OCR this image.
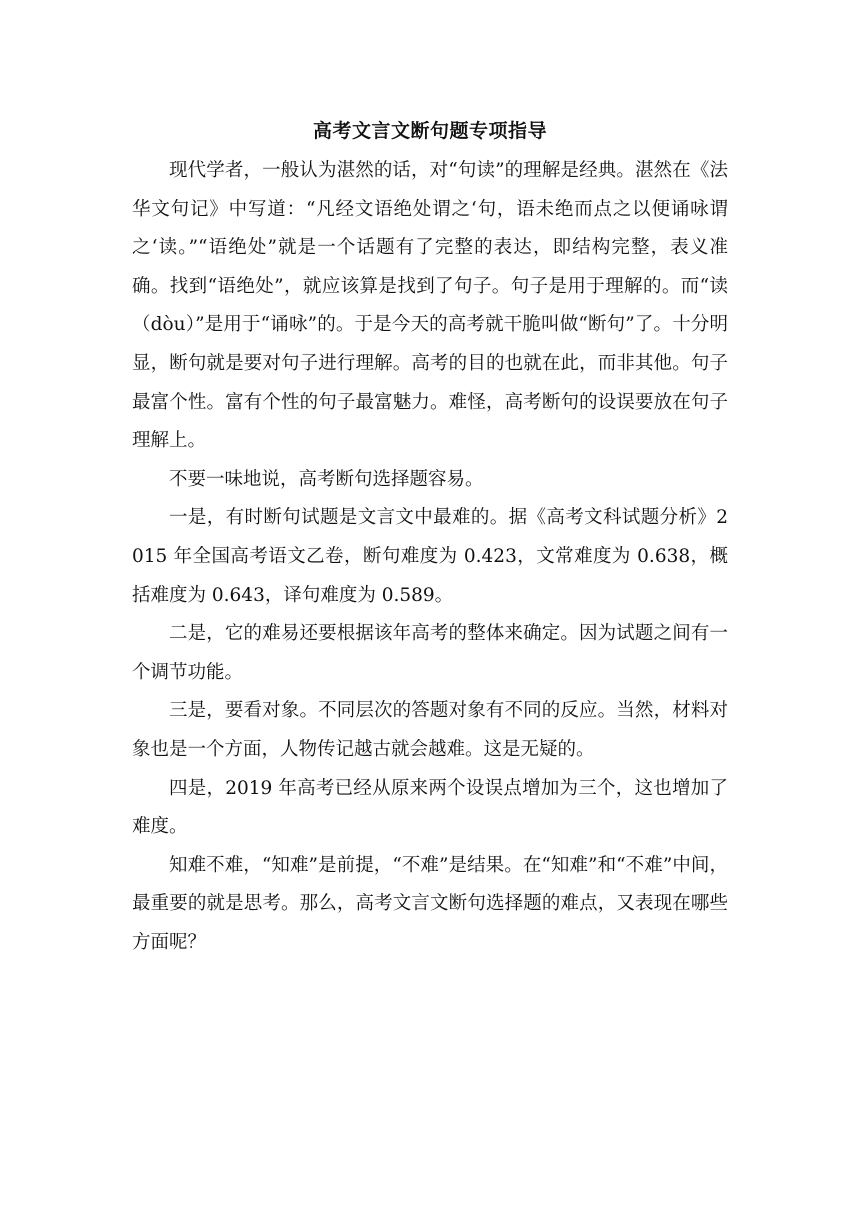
高考文言文断句题专项指导

现代学者，一般认为湛然的话，对“句读”的理解是经典。湛然在《法华文句记》中写道：“凡经文语绝处谓之‘句，语未绝而点之以便诵咏谓之‘读。”“语绝处”就是一个话题有了完整的表达，即结构完整，表义准确。找到“语绝处”，就应该算是找到了句子。句子是用于理解的。而“读（dòu）”是用于“诵咏”的。于是今天的高考就干脆叫做“断句”了。十分明显，断句就是要对句子进行理解。高考的目的也就在此，而非其他。句子最富个性。富有个性的句子最富魅力。难怪，高考断句的设误要放在句子理解上。

不要一味地说，高考断句选择题容易。

一是，有时断句试题是文言文中最难的。据《高考文科试题分析》2015 年全国高考语文乙卷，断句难度为 0.423，文常难度为 0.638，概括难度为 0.643，译句难度为 0.589。

二是，它的难易还要根据该年高考的整体来确定。因为试题之间有一个调节功能。

三是，要看对象。不同层次的答题对象有不同的反应。当然，材料对象也是一个方面，人物传记越古就会越难。这是无疑的。

四是，2019 年高考已经从原来两个设误点增加为三个，这也增加了难度。

知难不难，“知难”是前提，“不难”是结果。在“知难”和“不难”中间，最重要的就是思考。那么，高考文言文断句选择题的难点，又表现在哪些方面呢？
